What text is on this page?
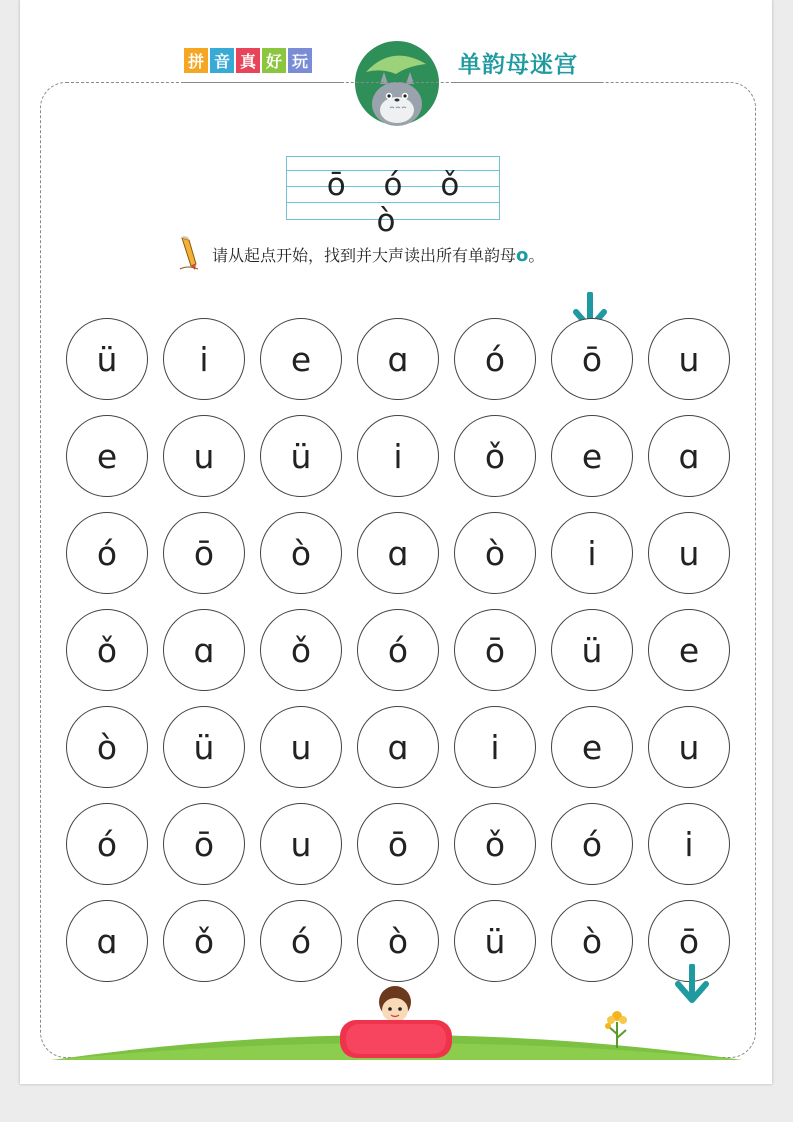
拼 音 真 好 玩	单韵母迷宫
ō ó ǒ ò
请从起点开始，找到并大声读出所有单韵母o。
ü	i	e	ɑ	ó	ō	u
e	u	ü	i	ǒ	e	ɑ
ó	ō	ò	ɑ	ò	i	u
ǒ	ɑ	ǒ	ó	ō	ü	e
ò	ü	u	ɑ	i	e	u
ó	ō	u	ō	ǒ	ó	i
ɑ	ǒ	ó	ò	ü	ò	ō
